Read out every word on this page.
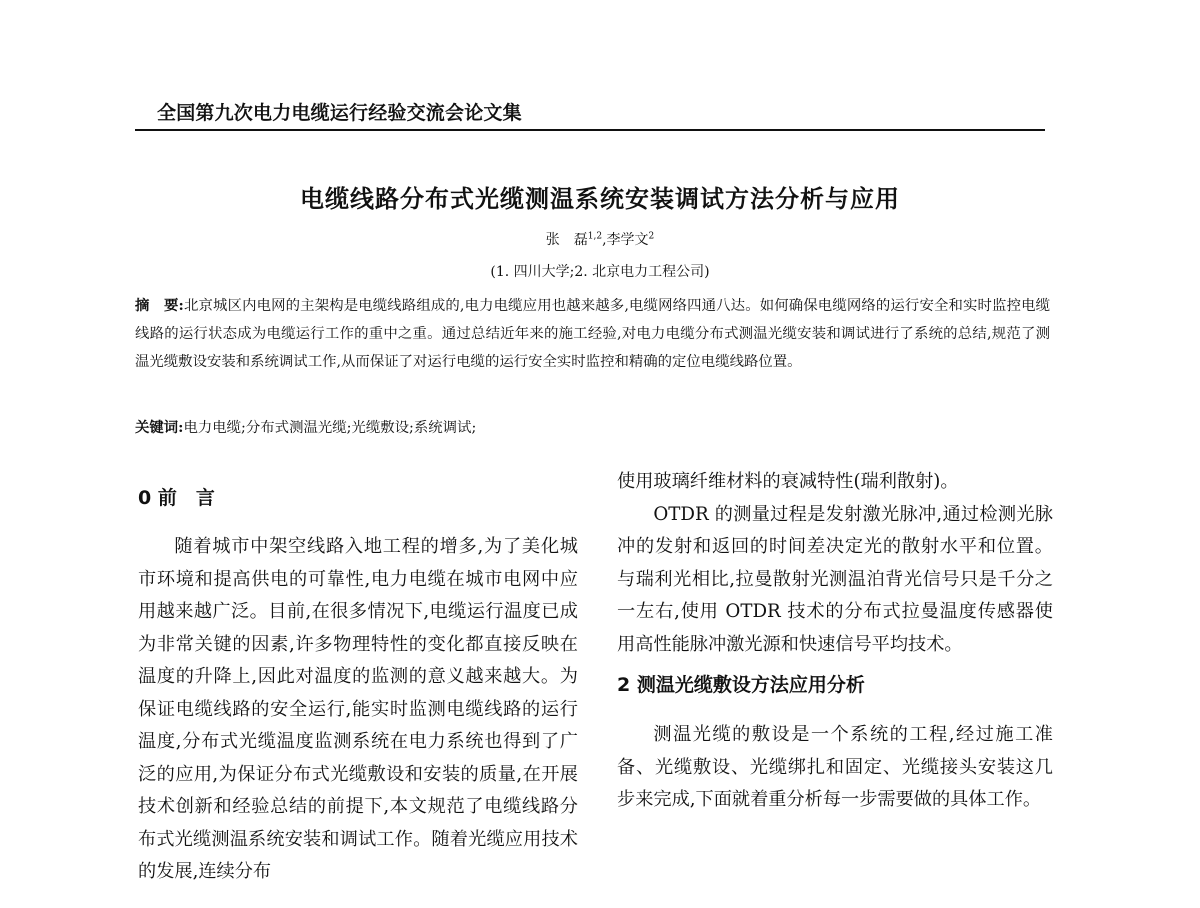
全国第九次电力电缆运行经验交流会论文集
电缆线路分布式光缆测温系统安装调试方法分析与应用
张　磊$^{1,2}$,李学文$^2$
(1. 四川大学;2. 北京电力工程公司)
摘　要:北京城区内电网的主架构是电缆线路组成的,电力电缆应用也越来越多,电缆网络四通八达。如何确保电缆网络的运行安全和实时监控电缆线路的运行状态成为电缆运行工作的重中之重。通过总结近年来的施工经验,对电力电缆分布式测温光缆安装和调试进行了系统的总结,规范了测温光缆敷设安装和系统调试工作,从而保证了对运行电缆的运行安全实时监控和精确的定位电缆线路位置。
关键词:电力电缆;分布式测温光缆;光缆敷设;系统调试;
0 前　言

随着城市中架空线路入地工程的增多,为了美化城市环境和提高供电的可靠性,电力电缆在城市电网中应用越来越广泛。目前,在很多情况下,电缆运行温度已成为非常关键的因素,许多物理特性的变化都直接反映在温度的升降上,因此对温度的监测的意义越来越大。为保证电缆线路的安全运行,能实时监测电缆线路的运行温度,分布式光缆温度监测系统在电力系统也得到了广泛的应用,为保证分布式光缆敷设和安装的质量,在开展技术创新和经验总结的前提下,本文规范了电缆线路分布式光缆测温系统安装和调试工作。随着光缆应用技术的发展,连续分布

使用玻璃纤维材料的衰减特性(瑞利散射)。

OTDR 的测量过程是发射激光脉冲,通过检测光脉冲的发射和返回的时间差决定光的散射水平和位置。与瑞利光相比,拉曼散射光测温泊背光信号只是千分之一左右,使用 OTDR 技术的分布式拉曼温度传感器使用高性能脉冲激光源和快速信号平均技术。

2 测温光缆敷设方法应用分析

测温光缆的敷设是一个系统的工程,经过施工准备、光缆敷设、光缆绑扎和固定、光缆接头安装这几步来完成,下面就着重分析每一步需要做的具体工作。
